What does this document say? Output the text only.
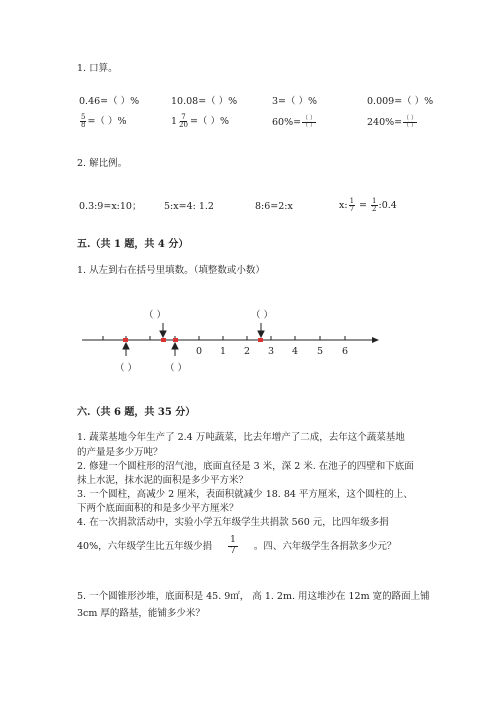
1. 口算。
0.46=（ ）%	10.08=（ ）%	3=（ ）%	0.009=（ ）%
$\frac{5}{8}$ =（ ）%	$1 \frac{7}{20}$ =（ ）%	$60\%= \frac{( )}{( )}$	$240\%= \frac{( )}{( )}$
2. 解比例。
0.3:9=x:10； 5:x=4: 1.2	8:6=2:x	x: $\frac{1}{7} = \frac{1}{2}$ :0.4
五.（共 1 题，共 4 分）
1. 从左到右在括号里填数。（填整数或小数）
0 1 2 3 4 5 6
（ ）	（ ）
（ ）	（ ）
六.（共 6 题，共 35 分）
1. 蔬菜基地今年生产了 2.4 万吨蔬菜，比去年增产了二成，去年这个蔬菜基地
的产量是多少万吨？
2. 修建一个圆柱形的沼气池，底面直径是 3 米，深 2 米. 在池子的四壁和下底面
抹上水泥，抹水泥的面积是多少平方米？
3. 一个圆柱，高减少 2 厘米，表面积就减少 18. 84 平方厘米，这个圆柱的上、
下两个底面面积的和是多少平方厘米？
4. 在一次捐款活动中，实验小学五年级学生共捐款 560 元，比四年级多捐
40%，六年级学生比五年级少捐 $\frac{1}{7}$ 。四、六年级学生各捐款多少元？
5. 一个圆锥形沙堆，底面积是 45. 9㎡， 高 1. 2m. 用这堆沙在 12m 宽的路面上铺
3cm 厚的路基，能铺多少米？
